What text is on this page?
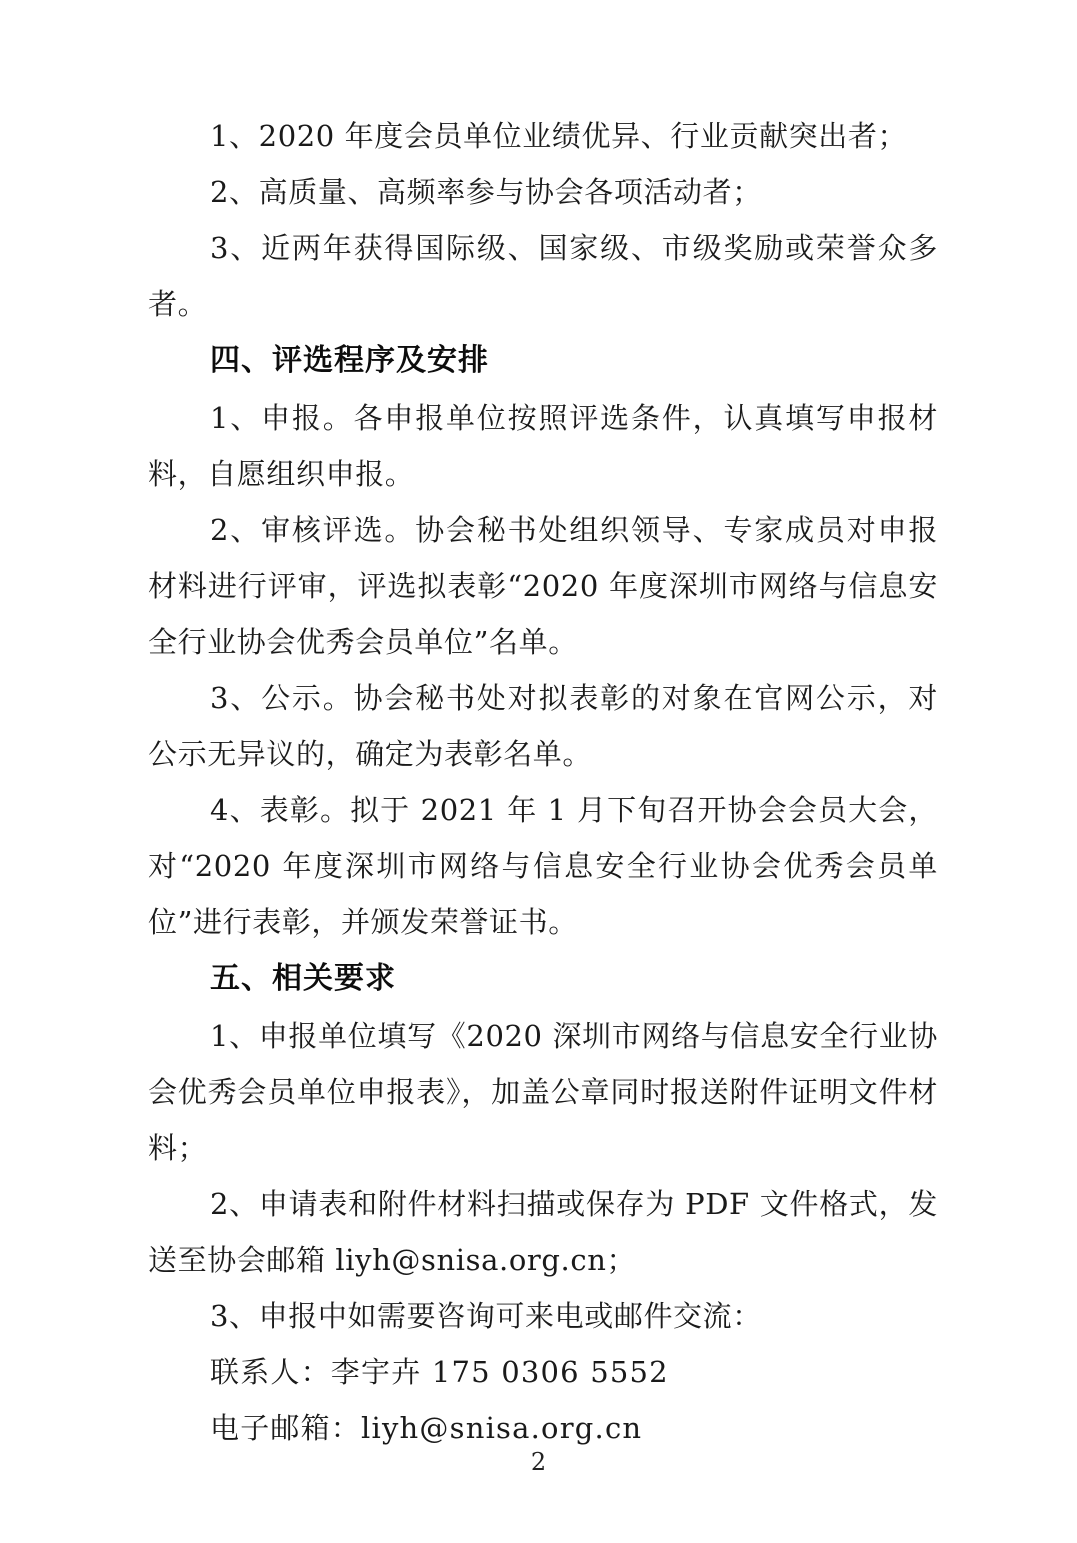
1、2020 年度会员单位业绩优异、行业贡献突出者；

2、高质量、高频率参与协会各项活动者；

3、近两年获得国际级、国家级、市级奖励或荣誉众多者。

四、评选程序及安排

1、申报。各申报单位按照评选条件，认真填写申报材料，自愿组织申报。

2、审核评选。协会秘书处组织领导、专家成员对申报材料进行评审，评选拟表彰“2020 年度深圳市网络与信息安全行业协会优秀会员单位”名单。

3、公示。协会秘书处对拟表彰的对象在官网公示，对公示无异议的，确定为表彰名单。

4、表彰。拟于 2021 年 1 月下旬召开协会会员大会，对“2020 年度深圳市网络与信息安全行业协会优秀会员单位”进行表彰，并颁发荣誉证书。

五、相关要求

1、申报单位填写《2020 深圳市网络与信息安全行业协会优秀会员单位申报表》，加盖公章同时报送附件证明文件材料；

2、申请表和附件材料扫描或保存为 PDF 文件格式，发送至协会邮箱 liyh@snisa.org.cn；

3、申报中如需要咨询可来电或邮件交流：

联系人：李宇卉 175 0306 5552

电子邮箱：liyh@snisa.org.cn

2
